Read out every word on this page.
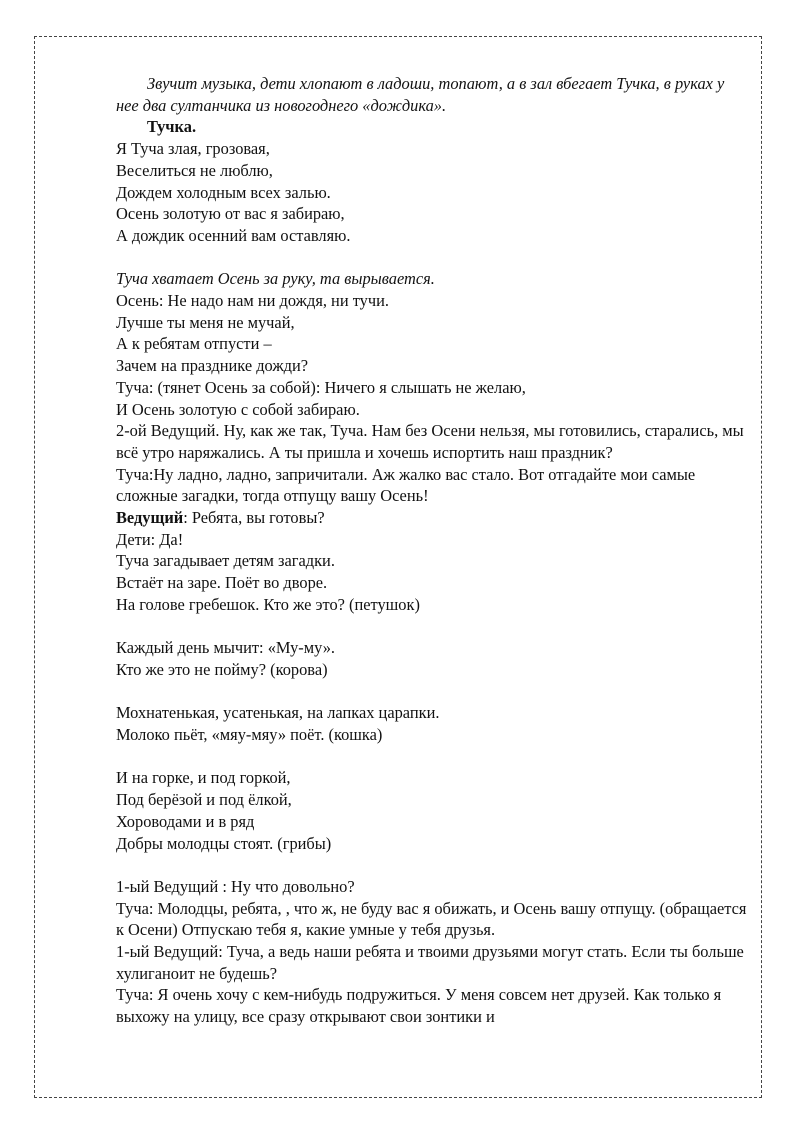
Звучит музыка, дети хлопают в ладоши, топают, а в зал вбегает Тучка, в руках у нее два султанчика из новогоднего «дождика».
Тучка.
Я Туча злая, грозовая,
Веселиться не люблю,
Дождем холодным всех залью.
Осень золотую от вас я забираю,
А дождик осенний вам оставляю.
Туча хватает Осень за руку, та вырывается.
Осень: Не надо нам ни дождя, ни тучи.
Лучше ты меня не мучай,
А к ребятам отпусти –
Зачем на празднике дожди?
Туча: (тянет Осень за собой): Ничего я слышать не желаю,
И Осень золотую с собой забираю.
2-ой Ведущий. Ну, как же так, Туча. Нам без Осени нельзя, мы готовились, старались, мы всё утро наряжались. А ты пришла и хочешь испортить наш праздник?
Туча:Ну ладно, ладно, запричитали. Аж жалко вас стало. Вот отгадайте мои самые сложные загадки, тогда отпущу вашу Осень!
Ведущий: Ребята, вы готовы?
Дети: Да!
Туча загадывает детям загадки.
Встаёт на заре. Поёт во дворе.
На голове гребешок. Кто же это? (петушок)
Каждый день мычит: «Му-му».
Кто же это не пойму? (корова)
Мохнатенькая, усатенькая, на лапках царапки.
Молоко пьёт, «мяу-мяу» поёт. (кошка)
И на горке, и под горкой,
Под берёзой и под ёлкой,
Хороводами и в ряд
Добры молодцы стоят. (грибы)
1-ый Ведущий : Ну что довольно?
Туча: Молодцы, ребята, , что ж, не буду вас я обижать, и Осень вашу отпущу. (обращается к Осени) Отпускаю тебя я, какие умные у тебя друзья.
1-ый Ведущий: Туча, а ведь наши ребята и твоими друзьями могут стать. Если ты больше хулиганоит не будешь?
Туча: Я очень хочу с кем-нибудь подружиться. У меня совсем нет друзей. Как только я выхожу на улицу, все сразу открывают свои зонтики и
